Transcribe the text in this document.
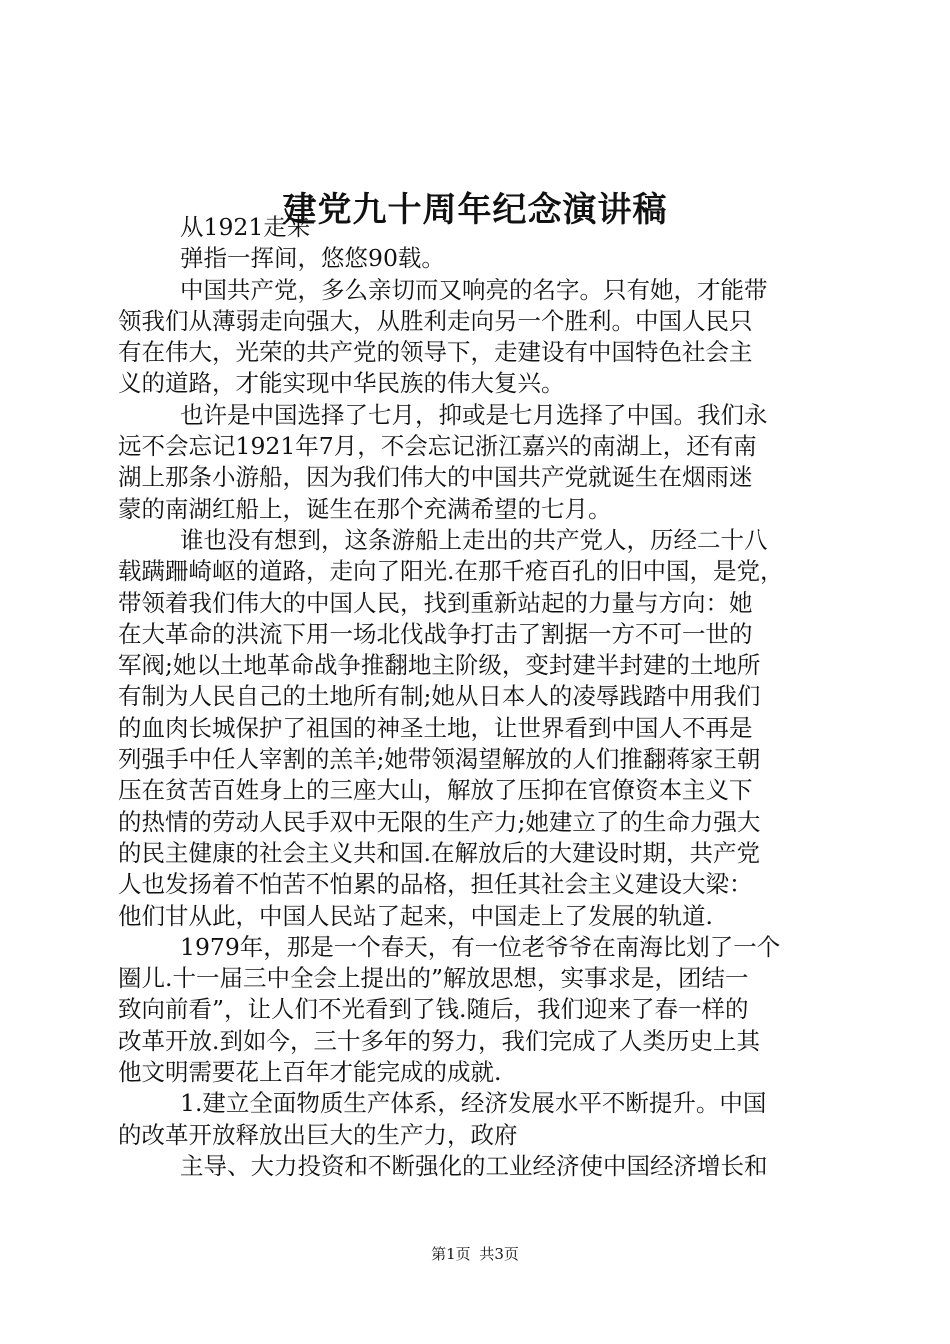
建党九十周年纪念演讲稿
从1921走来
弹指一挥间，悠悠90载。
中国共产党，多么亲切而又响亮的名字。只有她，才能带
领我们从薄弱走向强大，从胜利走向另一个胜利。中国人民只
有在伟大，光荣的共产党的领导下，走建设有中国特色社会主
义的道路，才能实现中华民族的伟大复兴。
也许是中国选择了七月，抑或是七月选择了中国。我们永
远不会忘记1921年7月，不会忘记浙江嘉兴的南湖上，还有南
湖上那条小游船，因为我们伟大的中国共产党就诞生在烟雨迷
蒙的南湖红船上，诞生在那个充满希望的七月。
谁也没有想到，这条游船上走出的共产党人，历经二十八
载蹒跚崎岖的道路，走向了阳光.在那千疮百孔的旧中国，是党，
带领着我们伟大的中国人民，找到重新站起的力量与方向：她
在大革命的洪流下用一场北伐战争打击了割据一方不可一世的
军阀;她以土地革命战争推翻地主阶级，变封建半封建的土地所
有制为人民自己的土地所有制;她从日本人的凌辱践踏中用我们
的血肉长城保护了祖国的神圣土地，让世界看到中国人不再是
列强手中任人宰割的羔羊;她带领渴望解放的人们推翻蒋家王朝
压在贫苦百姓身上的三座大山，解放了压抑在官僚资本主义下
的热情的劳动人民手双中无限的生产力;她建立了的生命力强大
的民主健康的社会主义共和国.在解放后的大建设时期，共产党
人也发扬着不怕苦不怕累的品格，担任其社会主义建设大梁：
他们甘从此，中国人民站了起来，中国走上了发展的轨道.
1979年，那是一个春天，有一位老爷爷在南海比划了一个
圈儿.十一届三中全会上提出的”解放思想，实事求是，团结一
致向前看”，让人们不光看到了钱.随后，我们迎来了春一样的
改革开放.到如今，三十多年的努力，我们完成了人类历史上其
他文明需要花上百年才能完成的成就.
1.建立全面物质生产体系，经济发展水平不断提升。中国
的改革开放释放出巨大的生产力，政府
主导、大力投资和不断强化的工业经济使中国经济增长和
第1页 共3页
